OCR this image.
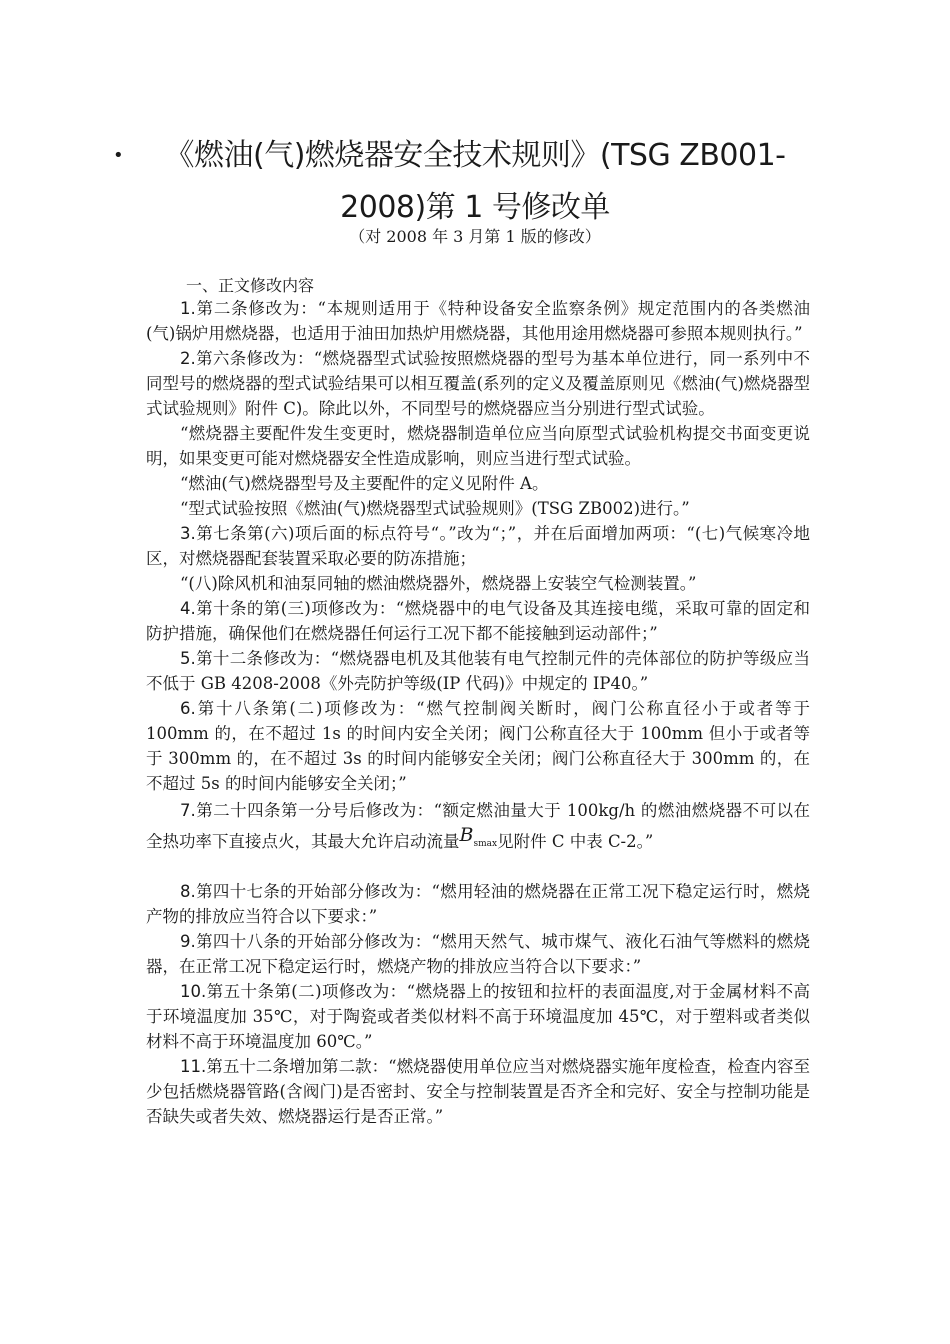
•	《燃油(气)燃烧器安全技术规则》(TSG ZB001-
2008)第 1 号修改单
（对 2008 年 3 月第 1 版的修改）
一、正文修改内容

1.第二条修改为：“本规则适用于《特种设备安全监察条例》规定范围内的各类燃油(气)锅炉用燃烧器，也适用于油田加热炉用燃烧器，其他用途用燃烧器可参照本规则执行。”

2.第六条修改为：“燃烧器型式试验按照燃烧器的型号为基本单位进行，同一系列中不同型号的燃烧器的型式试验结果可以相互覆盖(系列的定义及覆盖原则见《燃油(气)燃烧器型式试验规则》附件 C)。除此以外，不同型号的燃烧器应当分别进行型式试验。

“燃烧器主要配件发生变更时，燃烧器制造单位应当向原型式试验机构提交书面变更说明，如果变更可能对燃烧器安全性造成影响，则应当进行型式试验。

“燃油(气)燃烧器型号及主要配件的定义见附件 A。

“型式试验按照《燃油(气)燃烧器型式试验规则》(TSG ZB002)进行。”

3.第七条第(六)项后面的标点符号“。”改为“；”，并在后面增加两项：“(七)气候寒冷地区，对燃烧器配套装置采取必要的防冻措施；

“(八)除风机和油泵同轴的燃油燃烧器外，燃烧器上安装空气检测装置。”

4.第十条的第(三)项修改为：“燃烧器中的电气设备及其连接电缆，采取可靠的固定和防护措施，确保他们在燃烧器任何运行工况下都不能接触到运动部件；”

5.第十二条修改为：“燃烧器电机及其他装有电气控制元件的壳体部位的防护等级应当不低于 GB 4208-2008《外壳防护等级(IP 代码)》中规定的 IP40。”

6.第十八条第(二)项修改为：“燃气控制阀关断时，阀门公称直径小于或者等于 100mm 的，在不超过 1s 的时间内安全关闭；阀门公称直径大于 100mm 但小于或者等于 300mm 的，在不超过 3s 的时间内能够安全关闭；阀门公称直径大于 300mm 的，在不超过 5s 的时间内能够安全关闭；”

7.第二十四条第一分号后修改为：“额定燃油量大于 100kg/h 的燃油燃烧器不可以在全热功率下直接点火，其最大允许启动流量$B_{smax}$见附件 C 中表 C-2。”

8.第四十七条的开始部分修改为：“燃用轻油的燃烧器在正常工况下稳定运行时，燃烧产物的排放应当符合以下要求：”

9.第四十八条的开始部分修改为：“燃用天然气、城市煤气、液化石油气等燃料的燃烧器，在正常工况下稳定运行时，燃烧产物的排放应当符合以下要求：”

10.第五十条第(二)项修改为：“燃烧器上的按钮和拉杆的表面温度,对于金属材料不高于环境温度加 35℃，对于陶瓷或者类似材料不高于环境温度加 45℃，对于塑料或者类似材料不高于环境温度加 60℃。”

11.第五十二条增加第二款：“燃烧器使用单位应当对燃烧器实施年度检查，检查内容至少包括燃烧器管路(含阀门)是否密封、安全与控制装置是否齐全和完好、安全与控制功能是否缺失或者失效、燃烧器运行是否正常。”
